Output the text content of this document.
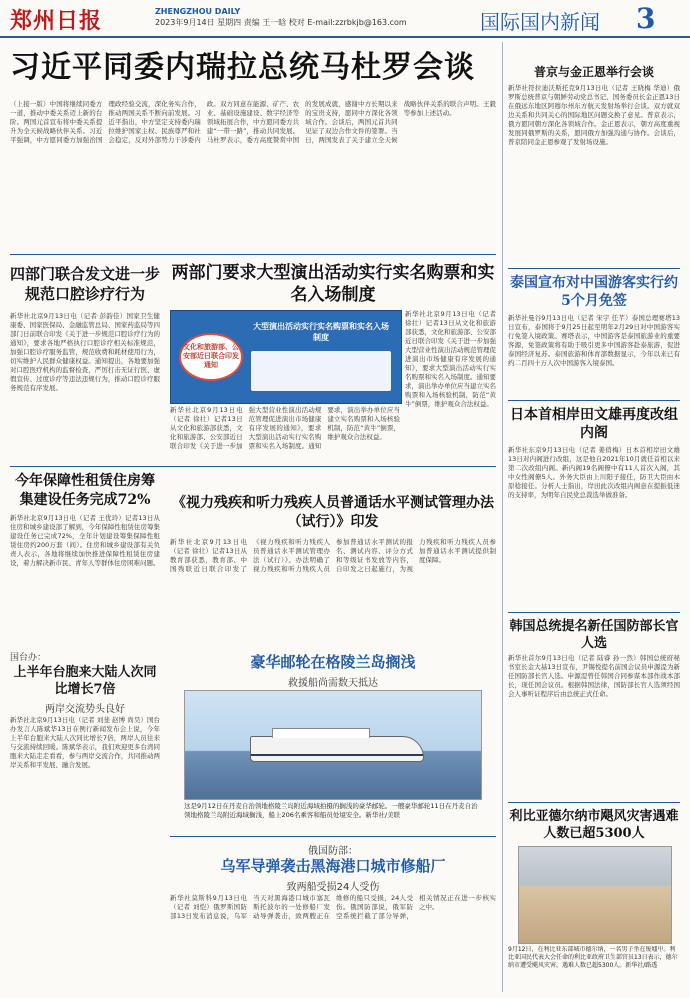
郑州日报	ZHENGZHOU DAILY
2023年9月14日 星期四 责编 王一晗 校对 E-mail:zzrbkjb@163.com	国际国内新闻 3
习近平同委内瑞拉总统马杜罗会谈
（上接一版）中国将继续同委方一道，推动中委关系迈上新的台阶。两国元首宣布将中委关系提升为全天候战略伙伴关系。习近平强调，中方愿同委方加强治国理政经验交流，深化务实合作，推动两国关系不断向前发展。习近平指出，中方坚定支持委内瑞拉维护国家主权、民族尊严和社会稳定，反对外部势力干涉委内政。双方同意在能源、矿产、农业、基础设施建设、数字经济等领域拓展合作，中方愿同委方共建“一带一路”，推动共同发展。马杜罗表示，委方高度赞赏中国的发展成就，感谢中方长期以来的宝贵支持，愿同中方深化各领域合作。会谈后，两国元首共同见证了双边合作文件的签署。当日，两国发表了关于建立全天候战略伙伴关系的联合声明。王毅等参加上述活动。
四部门联合发文进一步规范口腔诊疗行为
新华社北京9月13日电（记者 彭韵佳）国家卫生健康委、国家医保局、金融监管总局、国家药监局等四部门日前联合印发《关于进一步规范口腔诊疗行为的通知》，要求各地严格执行口腔诊疗相关标准规范，加强口腔诊疗服务监管，规范收费和耗材使用行为，切实维护人民群众健康权益。通知提出，各地要加强对口腔医疗机构的监督检查，严厉打击无证行医、虚假宣传、过度诊疗等违法违规行为，推动口腔诊疗服务规范有序发展。
两部门要求大型演出活动实行实名购票和实名入场制度
文化和旅游部、公安部近日联合印发通知
大型演出活动实行实名购票和实名入场制度
新华社北京9月13日电（记者 徐壮）记者13日从文化和旅游部获悉，文化和旅游部、公安部近日联合印发《关于进一步加强大型营业性演出活动规范管理促进演出市场健康有序发展的通知》，要求大型演出活动实行实名购票和实名入场制度。通知要求，演出举办单位应当建立实名购票和入场核验机制，防范“黄牛”倒票，维护观众合法权益。
新华社北京9月13日电（记者 徐壮）记者13日从文化和旅游部获悉，文化和旅游部、公安部近日联合印发《关于进一步加强大型营业性演出活动规范管理促进演出市场健康有序发展的通知》，要求大型演出活动实行实名购票和实名入场制度。通知要求，演出举办单位应当建立实名购票和入场核验机制，防范“黄牛”倒票，维护观众合法权益。
今年保障性租赁住房筹集建设任务完成72%
新华社北京9月13日电（记者 王优玲）记者13日从住房和城乡建设部了解到，今年保障性租赁住房筹集建设任务已完成72%，全年计划建设筹集保障性租赁住房约200万套（间）。住房和城乡建设部有关负责人表示，各地将继续加快推进保障性租赁住房建设，着力解决新市民、青年人等群体住房困难问题。
《视力残疾和听力残疾人员普通话水平测试管理办法（试行）》印发
新华社北京9月13日电（记者 徐壮）记者13日从教育部获悉，教育部、中国残联近日联合印发了《视力残疾和听力残疾人员普通话水平测试管理办法（试行）》。办法明确了视力残疾和听力残疾人员参加普通话水平测试的报名、测试内容、评分方式和等级证书发放等内容，自印发之日起施行，为视力残疾和听力残疾人员参加普通话水平测试提供制度保障。
国台办：
上半年台胞来大陆人次同比增长7倍
两岸交流势头良好
新华社北京9月13日电（记者 刘斐 赵博 尚昊）国台办发言人陈斌华13日在例行新闻发布会上说，今年上半年台胞来大陆人次同比增长7倍，两岸人员往来与交流持续回暖。陈斌华表示，我们欢迎更多台湾同胞来大陆走走看看，参与两岸交流合作，共同推动两岸关系和平发展、融合发展。
豪华邮轮在格陵兰岛搁浅
救援船尚需数天抵达
这是9月12日在丹麦自治领地格陵兰岛附近海域拍摄的搁浅的豪华邮轮。一艘豪华邮轮11日在丹麦自治领地格陵兰岛附近海域搁浅，船上206名乘客和船员处境安全。新华社/美联
俄国防部：
乌军导弹袭击黑海港口城市修船厂
致两船受损24人受伤
新华社莫斯科9月13日电（记者 刘恺）俄罗斯国防部13日发布消息说，乌军当天对黑海港口城市塞瓦斯托波尔的一处修船厂发动导弹袭击，致两艘正在维修的船只受损，24人受伤。俄国防部说，俄军防空系统拦截了部分导弹，相关情况正在进一步核实之中。
普京与金正恩举行会谈
新华社符拉迪沃斯托克9月13日电（记者 王晓梅 华迪）俄罗斯总统普京与朝鲜劳动党总书记、国务委员长金正恩13日在俄远东地区阿穆尔州东方航天发射场举行会谈。双方就双边关系和共同关心的国际地区问题交换了意见。普京表示，俄方愿同朝方深化各领域合作。金正恩表示，朝方高度重视发展同俄罗斯的关系，愿同俄方加强沟通与协作。会谈后，普京陪同金正恩参观了发射场设施。
泰国宣布对中国游客实行约5个月免签
新华社曼谷9月13日电（记者 宋宇 任芊）泰国总理赛塔13日宣布，泰国将于9月25日起至明年2月29日对中国游客实行免签入境政策。赛塔表示，中国游客是泰国旅游业的重要客源，免签政策将有助于吸引更多中国游客赴泰旅游，促进泰国经济复苏。泰国旅游和体育部数据显示，今年以来已有约二百四十万人次中国游客入境泰国。
日本首相岸田文雄再度改组内阁
新华社东京9月13日电（记者 姜俏梅）日本首相岸田文雄13日对内阁进行改组，这是他自2021年10月就任首相以来第二次改组内阁。新内阁19名阁僚中有11人首次入阁，其中女性阁僚5人。外务大臣由上川阳子接任，防卫大臣由木原稔接任。分析人士指出，岸田此次改组内阁意在提振低迷的支持率，为明年自民党总裁选举做准备。
韩国总统提名新任国防部长官人选
新华社首尔9月13日电（记者 陆睿 孙一然）韩国总统府秘书室长金大基13日宣布，尹锡悦提名前国会议员申源湜为新任国防部长官人选。申源湜曾任韩国合同参谋本部作战本部长，现任国会议员。根据韩国法律，国防部长官人选须经国会人事听证程序后由总统正式任命。
利比亚德尔纳市飓风灾害遇难人数已超5300人
9月12日，在利比亚东部城市德尔纳，一名男子坐在废墟中。利比亚国民代表大会任命的利比亚政府卫生部官员13日表示，德尔纳市遭受飓风灾害，遇难人数已超5300人。新华社/路透
